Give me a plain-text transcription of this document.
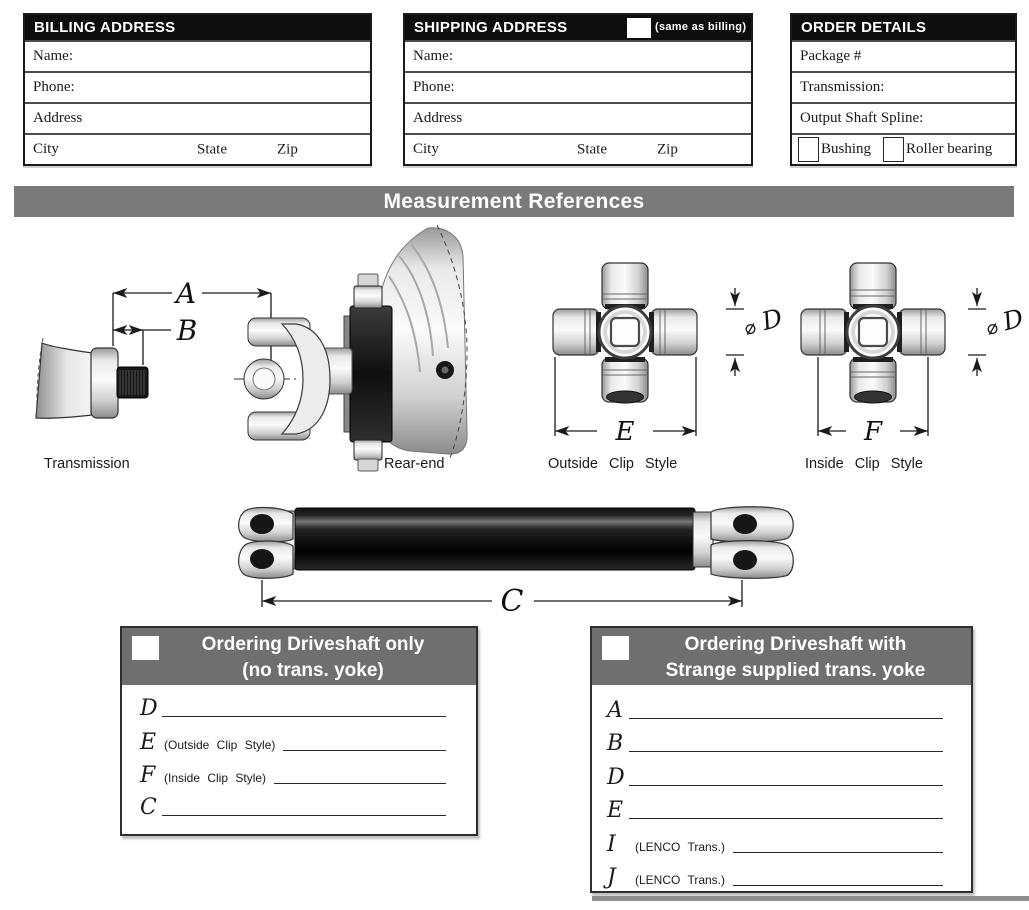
BILLING ADDRESS
Name:
Phone:
Address
City	State	Zip
SHIPPING ADDRESS	(same as billing)
Name:
Phone:
Address
City	State	Zip
ORDER DETAILS
Package #
Transmission:
Output Shaft Spline:
Bushing Roller bearing
Measurement References
A
B
E
⌀ D
F
⌀ D
Transmission	Rear-end	Outside Clip Style	Inside Clip Style
C
Ordering Driveshaft only
(no trans. yoke)
D
E (Outside Clip Style)
F (Inside Clip Style)
C
Ordering Driveshaft with
Strange supplied trans. yoke
A
B
D
E
I	(LENCO Trans.)
J	(LENCO Trans.)
